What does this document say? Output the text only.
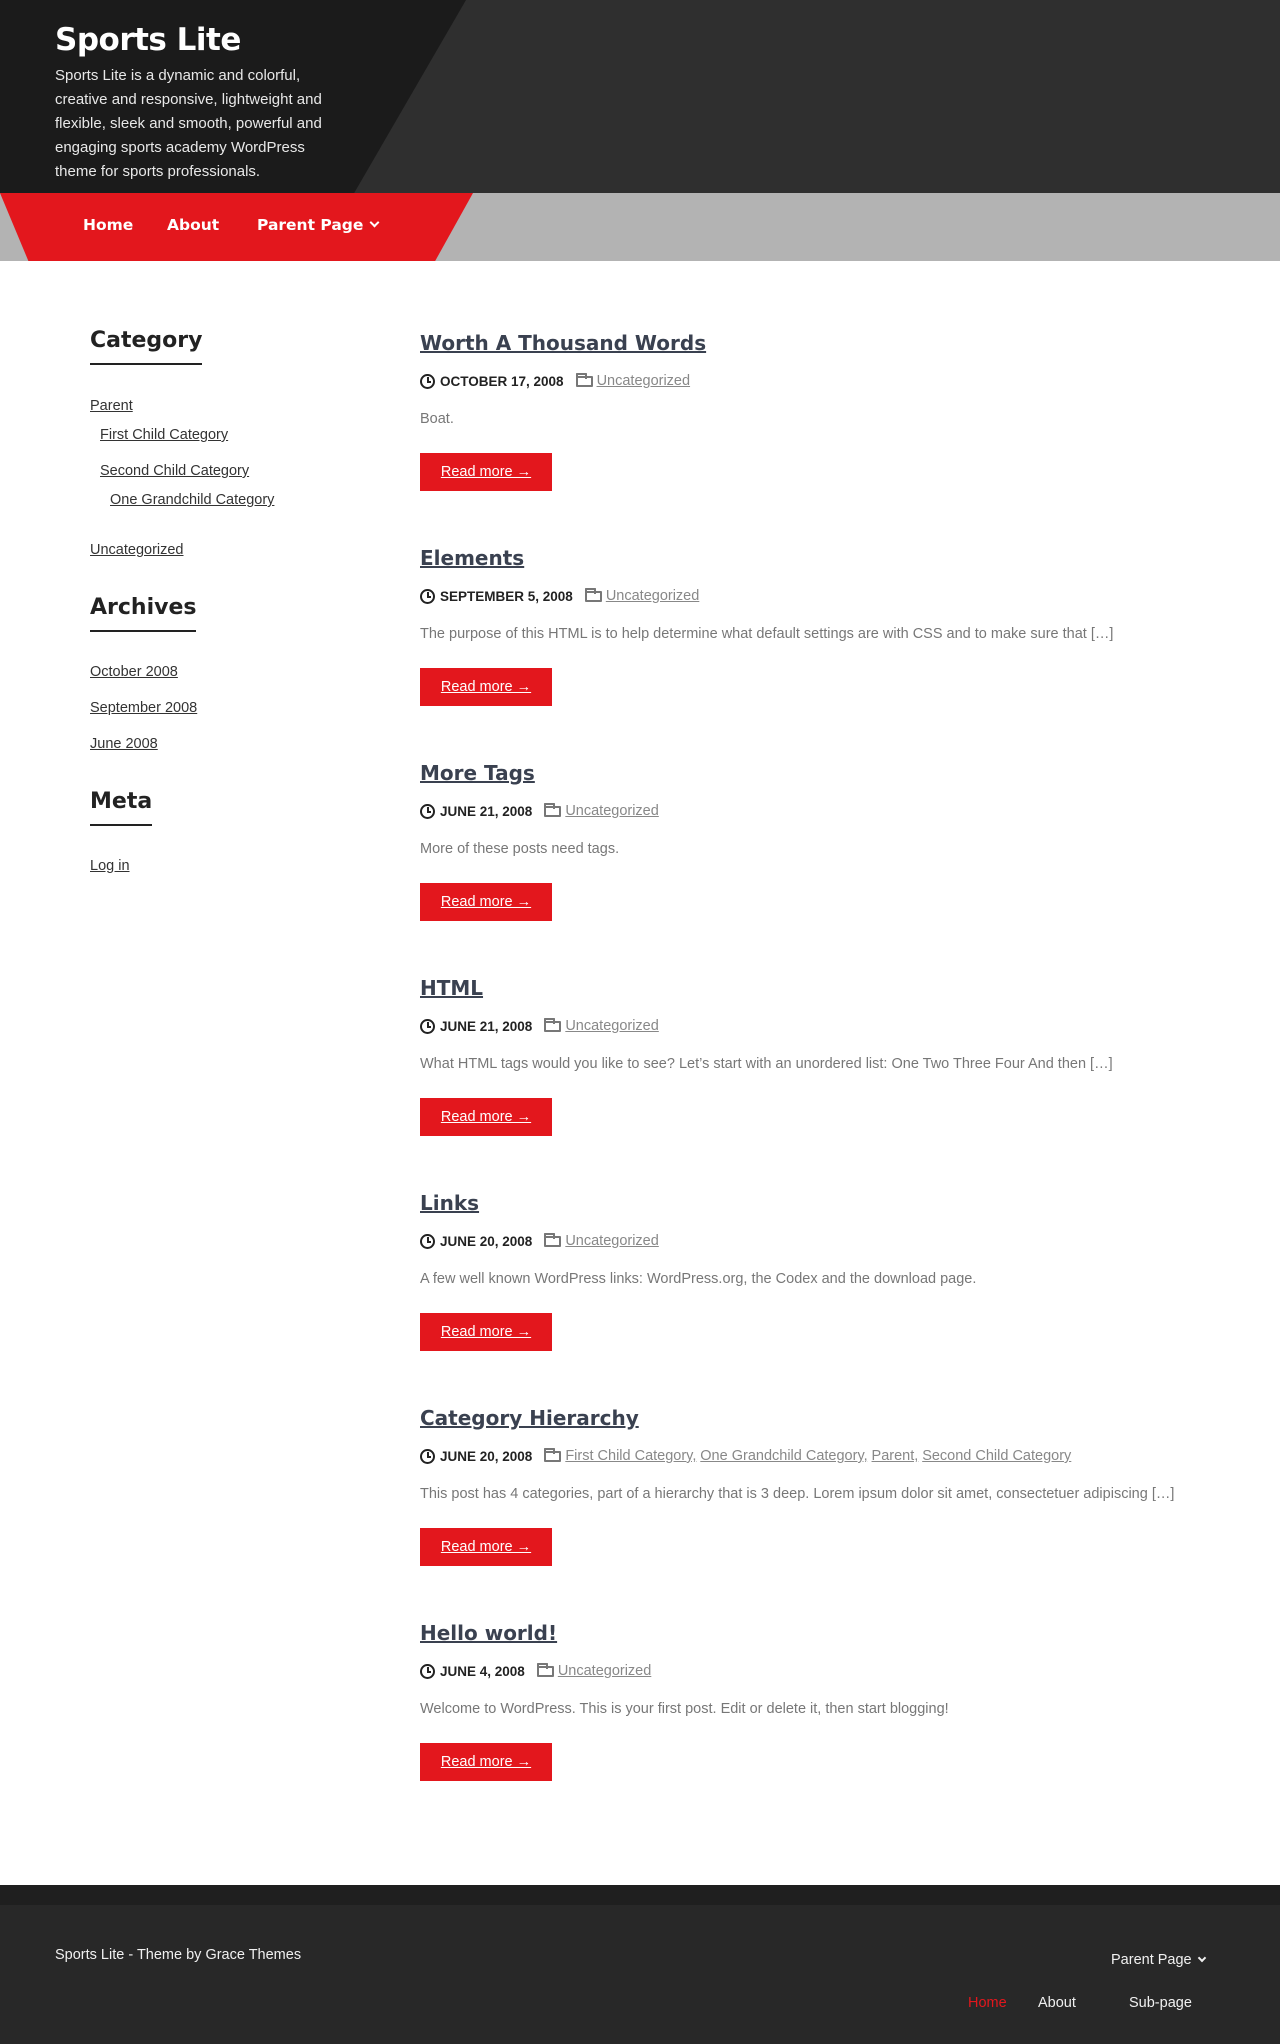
Sports Lite
Sports Lite is a dynamic and colorful, creative and responsive, lightweight and flexible, sleek and smooth, powerful and engaging sports academy WordPress theme for sports professionals.
Home About Parent Page
Category
Parent
First Child Category
Second Child Category
One Grandchild Category
Uncategorized
Archives
October 2008
September 2008
June 2008
Meta
Log in
Worth A Thousand Words
OCTOBER 17, 2008 Uncategorized
Boat.
Read more →
Elements
SEPTEMBER 5, 2008 Uncategorized
The purpose of this HTML is to help determine what default settings are with CSS and to make sure that […]
Read more →
More Tags
JUNE 21, 2008 Uncategorized
More of these posts need tags.
Read more →
HTML
JUNE 21, 2008 Uncategorized
What HTML tags would you like to see? Let’s start with an unordered list: One Two Three Four And then […]
Read more →
Links
JUNE 20, 2008 Uncategorized
A few well known WordPress links: WordPress.org, the Codex and the download page.
Read more →
Category Hierarchy
JUNE 20, 2008 First Child Category,
One Grandchild Category,
Parent,
Second Child Category
This post has 4 categories, part of a hierarchy that is 3 deep. Lorem ipsum dolor sit amet, consectetuer adipiscing […]
Read more →
Hello world!
JUNE 4, 2008 Uncategorized
Welcome to WordPress. This is your first post. Edit or delete it, then start blogging!
Read more →
Sports Lite - Theme by Grace Themes	Parent Page
Home About	Sub-page
